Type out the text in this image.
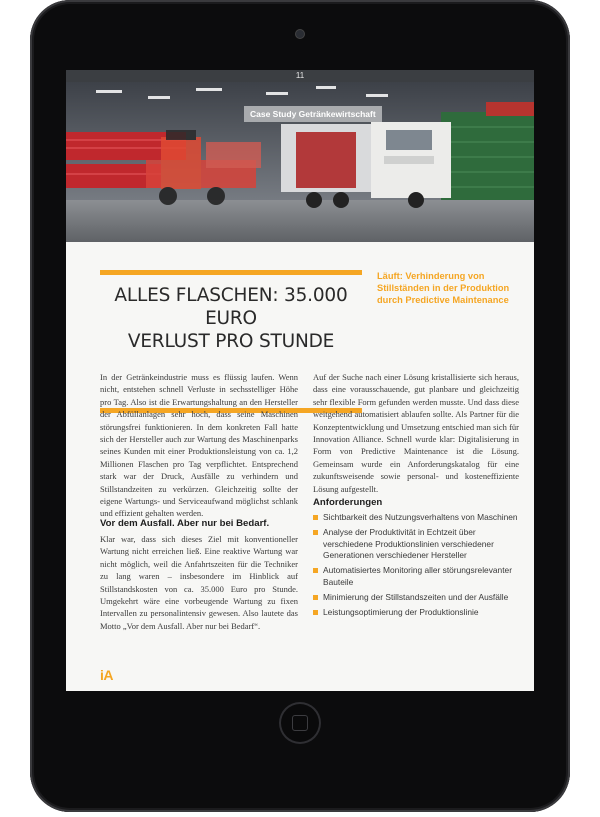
11
Case Study Getränkewirtschaft
ALLES FLASCHEN: 35.000 EURO
VERLUST PRO STUNDE
Läuft: Verhinderung von Stillständen in der Produktion durch Predictive Maintenance
In der Getränkeindustrie muss es flüssig laufen. Wenn nicht, entstehen schnell Verluste in sechsstelliger Höhe pro Tag. Also ist die Erwartungshaltung an den Hersteller der Abfüllanlagen sehr hoch, dass seine Maschinen störungsfrei funktionieren. In dem konkreten Fall hatte sich der Hersteller auch zur Wartung des Maschinenparks seines Kunden mit einer Produktionsleistung von ca. 1,2 Millionen Flaschen pro Tag verpflichtet. Entsprechend stark war der Druck, Ausfälle zu verhindern und Stillstandzeiten zu verkürzen. Gleichzeitig sollte der eigene Wartungs- und Serviceaufwand möglichst schlank und effizient gehalten werden.
Vor dem Ausfall. Aber nur bei Bedarf.
Klar war, dass sich dieses Ziel mit konventioneller Wartung nicht erreichen ließ. Eine reaktive Wartung war nicht möglich, weil die Anfahrtszeiten für die Techniker zu lang waren – insbesondere im Hinblick auf Stillstandskosten von ca. 35.000 Euro pro Stunde. Umgekehrt wäre eine vorbeugende Wartung zu fixen Intervallen zu personalintensiv gewesen. Also lautete das Motto „Vor dem Ausfall. Aber nur bei Bedarf“.
Auf der Suche nach einer Lösung kristallisierte sich heraus, dass eine vorausschauende, gut planbare und gleichzeitig sehr flexible Form gefunden werden musste. Und dass diese weitgehend automatisiert ablaufen sollte. Als Partner für die Konzeptentwicklung und Umsetzung entschied man sich für Innovation Alliance. Schnell wurde klar: Digitalisierung in Form von Predictive Maintenance ist die Lösung. Gemeinsam wurde ein Anforderungskatalog für eine zukunftsweisende sowie personal- und kosteneffiziente Lösung aufgestellt.
Anforderungen
Sichtbarkeit des Nutzungsverhaltens von Maschinen
Analyse der Produktivität in Echtzeit über verschiedene Produktionslinien verschiedener Generationen verschiedener Hersteller
Automatisiertes Monitoring aller störungsrelevanter Bauteile
Minimierung der Stillstandszeiten und der Ausfälle
Leistungsoptimierung der Produktionslinie
iA
